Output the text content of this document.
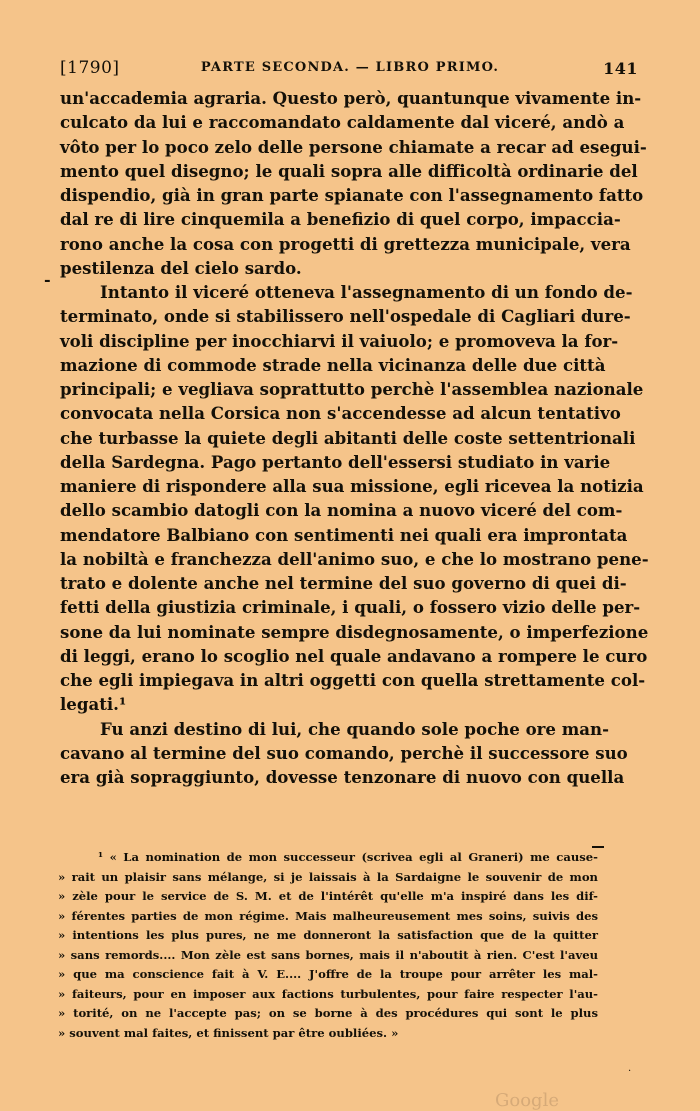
[1790]	PARTE SECONDA. — LIBRO PRIMO.	141
-
un'accademia agraria. Questo però, quantunque vivamente in-
culcato da lui e raccomandato caldamente dal viceré, andò a
vôto per lo poco zelo delle persone chiamate a recar ad esegui-
mento quel disegno; le quali sopra alle difficoltà ordinarie del
dispendio, già in gran parte spianate con l'assegnamento fatto
dal re di lire cinquemila a benefizio di quel corpo, impaccia-
rono anche la cosa con progetti di grettezza municipale, vera
pestilenza del cielo sardo.
Intanto il viceré otteneva l'assegnamento di un fondo de-
terminato, onde si stabilissero nell'ospedale di Cagliari dure-
voli discipline per inocchiarvi il vaiuolo; e promoveva la for-
mazione di commode strade nella vicinanza delle due città
principali; e vegliava soprattutto perchè l'assemblea nazionale
convocata nella Corsica non s'accendesse ad alcun tentativo
che turbasse la quiete degli abitanti delle coste settentrionali
della Sardegna. Pago pertanto dell'essersi studiato in varie
maniere di rispondere alla sua missione, egli ricevea la notizia
dello scambio datogli con la nomina a nuovo viceré del com-
mendatore Balbiano con sentimenti nei quali era improntata
la nobiltà e franchezza dell'animo suo, e che lo mostrano pene-
trato e dolente anche nel termine del suo governo di quei di-
fetti della giustizia criminale, i quali, o fossero vizio delle per-
sone da lui nominate sempre disdegnosamente, o imperfezione
di leggi, erano lo scoglio nel quale andavano a rompere le curo
che egli impiegava in altri oggetti con quella strettamente col-
legati.¹
Fu anzi destino di lui, che quando sole poche ore man-
cavano al termine del suo comando, perchè il successore suo
era già sopraggiunto, dovesse tenzonare di nuovo con quella
¹ « La nomination de mon successeur (scrivea egli al Graneri) me cause-
» rait un plaisir sans mélange, si je laissais à la Sardaigne le souvenir de mon
» zèle pour le service de S. M. et de l'intérêt qu'elle m'a inspiré dans les dif-
» férentes parties de mon régime. Mais malheureusement mes soins, suivis des
» intentions les plus pures, ne me donneront la satisfaction que de la quitter
» sans remords.... Mon zèle est sans bornes, mais il n'aboutit à rien. C'est l'aveu
» que ma conscience fait à V. E.... J'offre de la troupe pour arrêter les mal-
» faiteurs, pour en imposer aux factions turbulentes, pour faire respecter l'au-
» torité, on ne l'accepte pas; on se borne à des procédures qui sont le plus
» souvent mal faites, et finissent par être oubliées. »
.
Google
